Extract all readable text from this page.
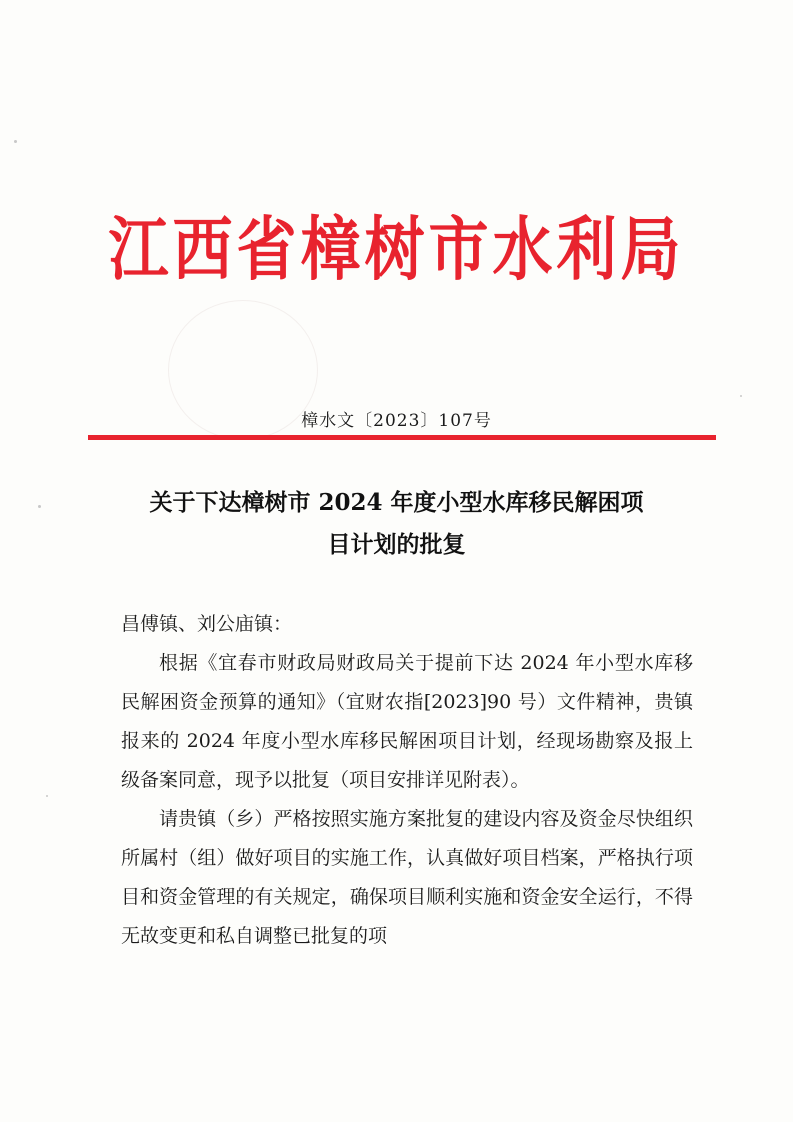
江西省樟树市水利局
樟水文〔2023〕107号
关于下达樟树市 2024 年度小型水库移民解困项
目计划的批复
昌傅镇、刘公庙镇：
根据《宜春市财政局财政局关于提前下达 2024 年小型水库移民解困资金预算的通知》（宜财农指[2023]90 号）文件精神，贵镇报来的 2024 年度小型水库移民解困项目计划，经现场勘察及报上级备案同意，现予以批复（项目安排详见附表）。
请贵镇（乡）严格按照实施方案批复的建设内容及资金尽快组织所属村（组）做好项目的实施工作，认真做好项目档案，严格执行项目和资金管理的有关规定，确保项目顺利实施和资金安全运行，不得无故变更和私自调整已批复的项
